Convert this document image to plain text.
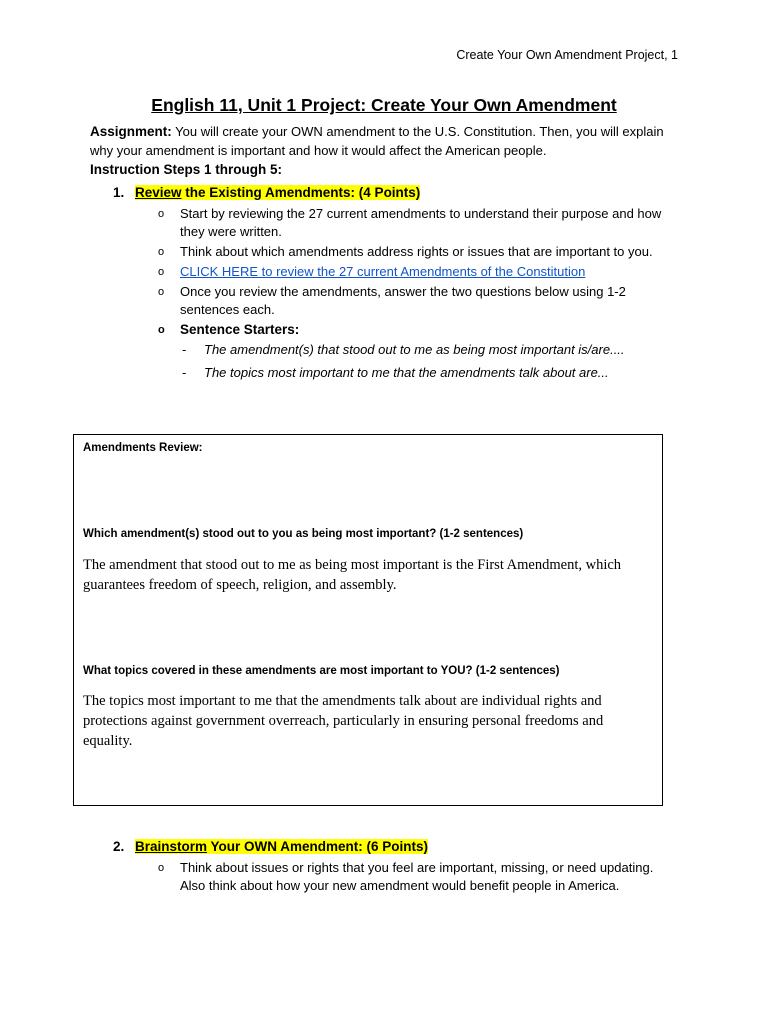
Create Your Own Amendment Project, 1
English 11, Unit 1 Project: Create Your Own Amendment
Assignment: You will create your OWN amendment to the U.S. Constitution. Then, you will explain why your amendment is important and how it would affect the American people.
Instruction Steps 1 through 5:
1. Review the Existing Amendments: (4 Points)
o Start by reviewing the 27 current amendments to understand their purpose and how they were written.
o Think about which amendments address rights or issues that are important to you.
o CLICK HERE to review the 27 current Amendments of the Constitution
o Once you review the amendments, answer the two questions below using 1-2 sentences each.
o Sentence Starters:
- The amendment(s) that stood out to me as being most important is/are....
- The topics most important to me that the amendments talk about are...
Amendments Review:
Which amendment(s) stood out to you as being most important? (1-2 sentences)
The amendment that stood out to me as being most important is the First Amendment, which guarantees freedom of speech, religion, and assembly.
What topics covered in these amendments are most important to YOU? (1-2 sentences)
The topics most important to me that the amendments talk about are individual rights and protections against government overreach, particularly in ensuring personal freedoms and equality.
2. Brainstorm Your OWN Amendment: (6 Points)
o Think about issues or rights that you feel are important, missing, or need updating. Also think about how your new amendment would benefit people in America.
